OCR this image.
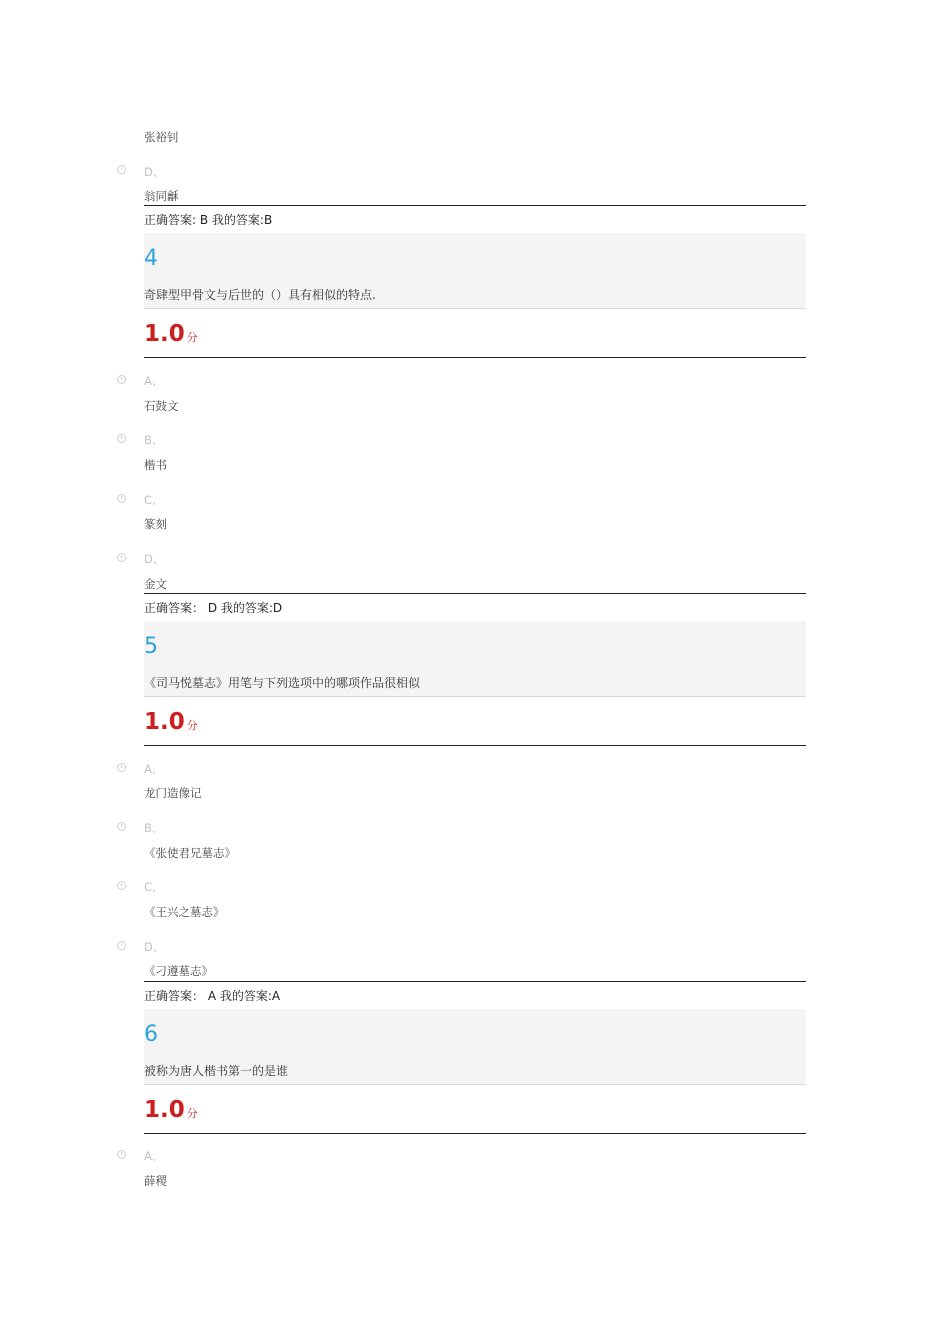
张裕钊
D、
翁同龢
正确答案: B 我的答案:B
4
奇肆型甲骨文与后世的（）具有相似的特点.
1.0 分
A、
石鼓文
B、
楷书
C、
篆刻
D、
金文
正确答案： D 我的答案:D
5
《司马悦墓志》用笔与下列选项中的哪项作品很相似
1.0 分
A、
龙门造像记
B、
《张使君兄墓志》
C、
《王兴之墓志》
D、
《刁遵墓志》
正确答案： A 我的答案:A
6
被称为唐人楷书第一的是谁
1.0 分
A、
薛稷
